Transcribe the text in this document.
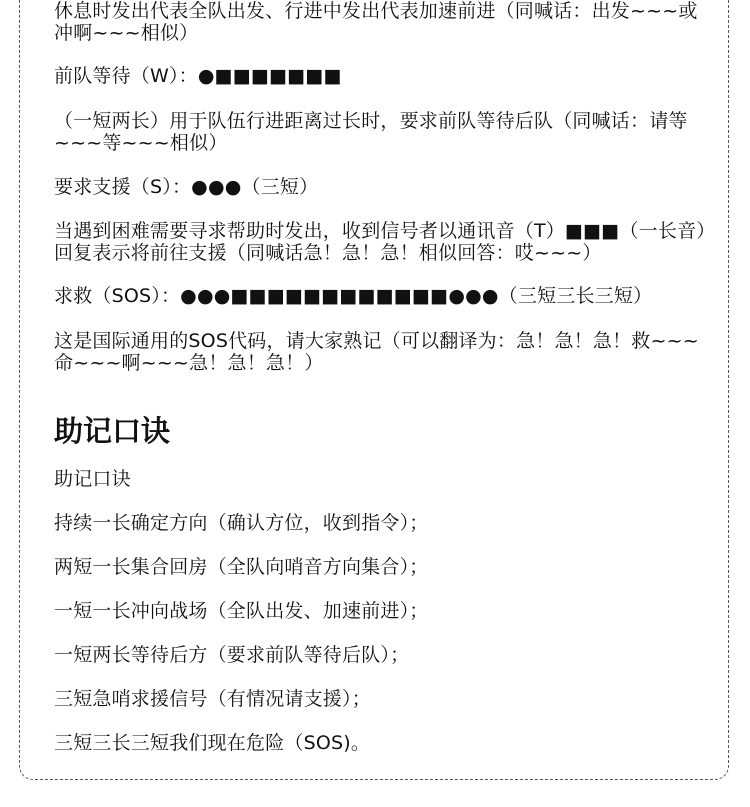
休息时发出代表全队出发、行进中发出代表加速前进（同喊话：出发~~~或冲啊~~~相似）

前队等待（W）：●■■■■■■■

（一短两长）用于队伍行进距离过长时，要求前队等待后队（同喊话：请等~~~等~~~相似）

要求支援（S）：●●●（三短）

当遇到困难需要寻求帮助时发出，收到信号者以通讯音（T）■■■（一长音）回复表示将前往支援（同喊话急！急！急！相似回答：哎~~~）

求救（SOS）：●●●■■■■■■■■■■■■●●●（三短三长三短）

这是国际通用的SOS代码，请大家熟记（可以翻译为：急！急！急！救~~~命~~~啊~~~急！急！急！）

助记口诀

助记口诀

持续一长确定方向（确认方位，收到指令）；

两短一长集合回房（全队向哨音方向集合）；

一短一长冲向战场（全队出发、加速前进）；

一短两长等待后方（要求前队等待后队）；

三短急哨求援信号（有情况请支援）；

三短三长三短我们现在危险（SOS)。
